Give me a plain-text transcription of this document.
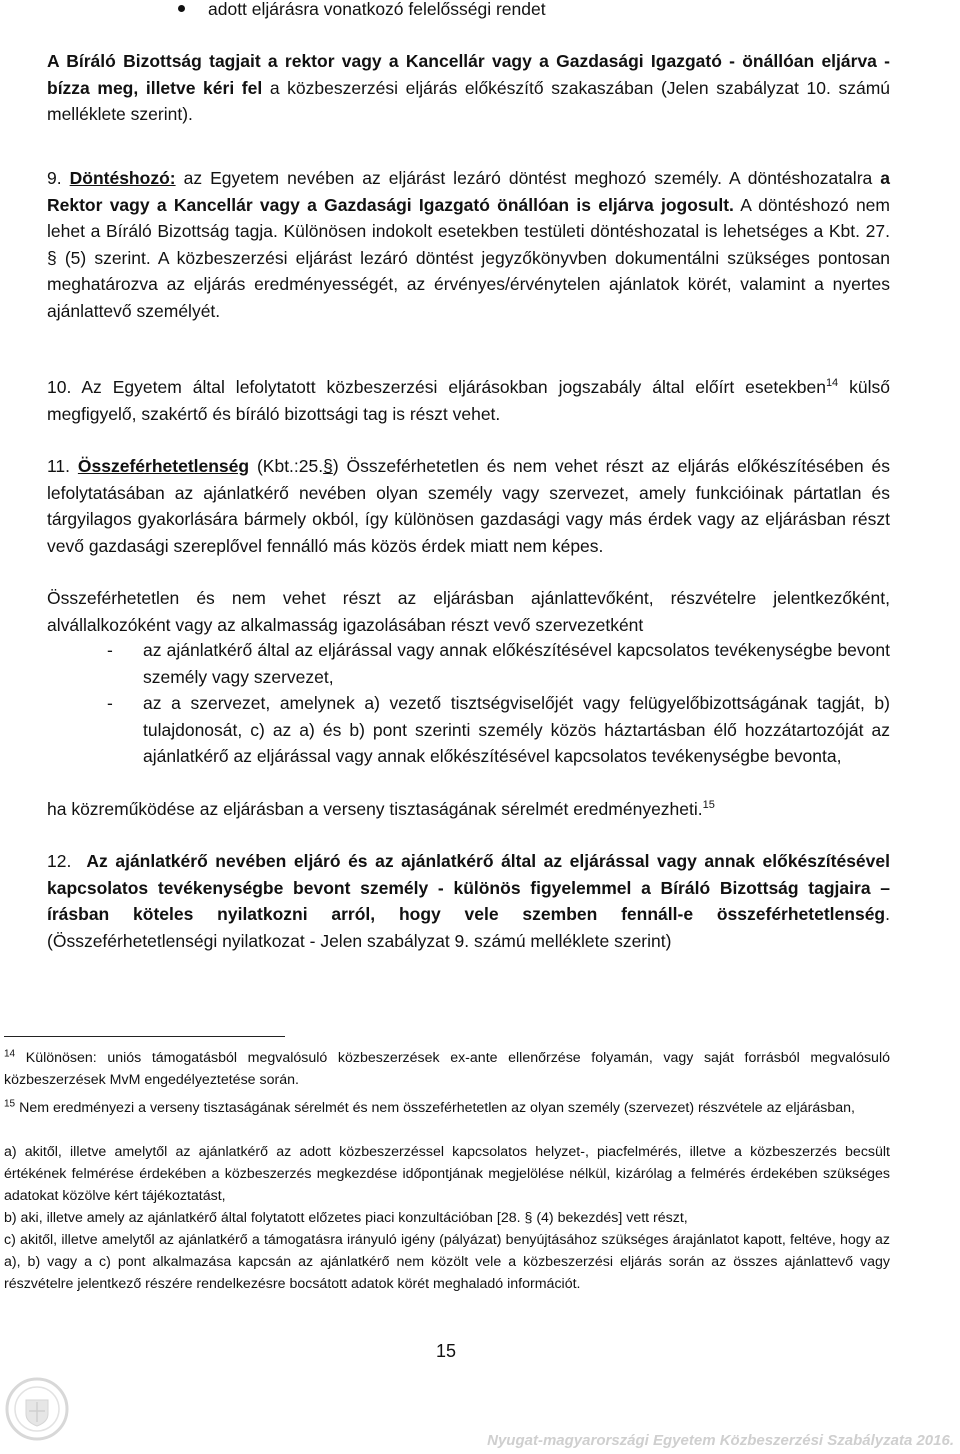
adott eljárásra vonatkozó felelősségi rendet

A Bíráló Bizottság tagjait a rektor vagy a Kancellár vagy a Gazdasági Igazgató - önállóan eljárva - bízza meg, illetve kéri fel a közbeszerzési eljárás előkészítő szakaszában (Jelen szabályzat 10. számú melléklete szerint).

9. Döntéshozó: az Egyetem nevében az eljárást lezáró döntést meghozó személy. A döntéshozatalra a Rektor vagy a Kancellár vagy a Gazdasági Igazgató önállóan is eljárva jogosult. A döntéshozó nem lehet a Bíráló Bizottság tagja. Különösen indokolt esetekben testületi döntéshozatal is lehetséges a Kbt. 27. § (5) szerint. A közbeszerzési eljárást lezáró döntést jegyzőkönyvben dokumentálni szükséges pontosan meghatározva az eljárás eredményességét, az érvényes/érvénytelen ajánlatok körét, valamint a nyertes ajánlattevő személyét.

10. Az Egyetem által lefolytatott közbeszerzési eljárásokban jogszabály által előírt esetekben$^{14}$ külső megfigyelő, szakértő és bíráló bizottsági tag is részt vehet.

11. Összeférhetetlenség (Kbt.:25.§) Összeférhetetlen és nem vehet részt az eljárás előkészítésében és lefolytatásában az ajánlatkérő nevében olyan személy vagy szervezet, amely funkcióinak pártatlan és tárgyilagos gyakorlására bármely okból, így különösen gazdasági vagy más érdek vagy az eljárásban részt vevő gazdasági szereplővel fennálló más közös érdek miatt nem képes.

Összeférhetetlen és nem vehet részt az eljárásban ajánlattevőként, részvételre jelentkezőként, alvállalkozóként vagy az alkalmasság igazolásában részt vevő szervezetként

- az ajánlatkérő által az eljárással vagy annak előkészítésével kapcsolatos tevékenységbe bevont személy vagy szervezet,
- az a szervezet, amelynek a) vezető tisztségviselőjét vagy felügyelőbizottságának tagját, b) tulajdonosát, c) az a) és b) pont szerinti személy közös háztartásban élő hozzátartozóját az ajánlatkérő az eljárással vagy annak előkészítésével kapcsolatos tevékenységbe bevonta,

ha közreműködése az eljárásban a verseny tisztaságának sérelmét eredményezheti.$^{15}$

12. Az ajánlatkérő nevében eljáró és az ajánlatkérő által az eljárással vagy annak előkészítésével kapcsolatos tevékenységbe bevont személy - különös figyelemmel a Bíráló Bizottság tagjaira – írásban köteles nyilatkozni arról, hogy vele szemben fennáll-e összeférhetetlenség. (Összeférhetetlenségi nyilatkozat - Jelen szabályzat 9. számú melléklete szerint)

$^{14}$ Különösen: uniós támogatásból megvalósuló közbeszerzések ex-ante ellenőrzése folyamán, vagy saját forrásból megvalósuló közbeszerzések MvM engedélyeztetése során.

$^{15}$ Nem eredményezi a verseny tisztaságának sérelmét és nem összeférhetetlen az olyan személy (szervezet) részvétele az eljárásban,

a) akitől, illetve amelytől az ajánlatkérő az adott közbeszerzéssel kapcsolatos helyzet-, piacfelmérés, illetve a közbeszerzés becsült értékének felmérése érdekében a közbeszerzés megkezdése időpontjának megjelölése nélkül, kizárólag a felmérés érdekében szükséges adatokat közölve kért tájékoztatást,

b) aki, illetve amely az ajánlatkérő által folytatott előzetes piaci konzultációban [28. § (4) bekezdés] vett részt,

c) akitől, illetve amelytől az ajánlatkérő a támogatásra irányuló igény (pályázat) benyújtásához szükséges árajánlatot kapott, feltéve, hogy az a), b) vagy a c) pont alkalmazása kapcsán az ajánlatkérő nem közölt vele a közbeszerzési eljárás során az összes ajánlattevő vagy részvételre jelentkező részére rendelkezésre bocsátott adatok körét meghaladó információt.

15
Nyugat-magyarországi Egyetem Közbeszerzési Szabályzata 2016.
